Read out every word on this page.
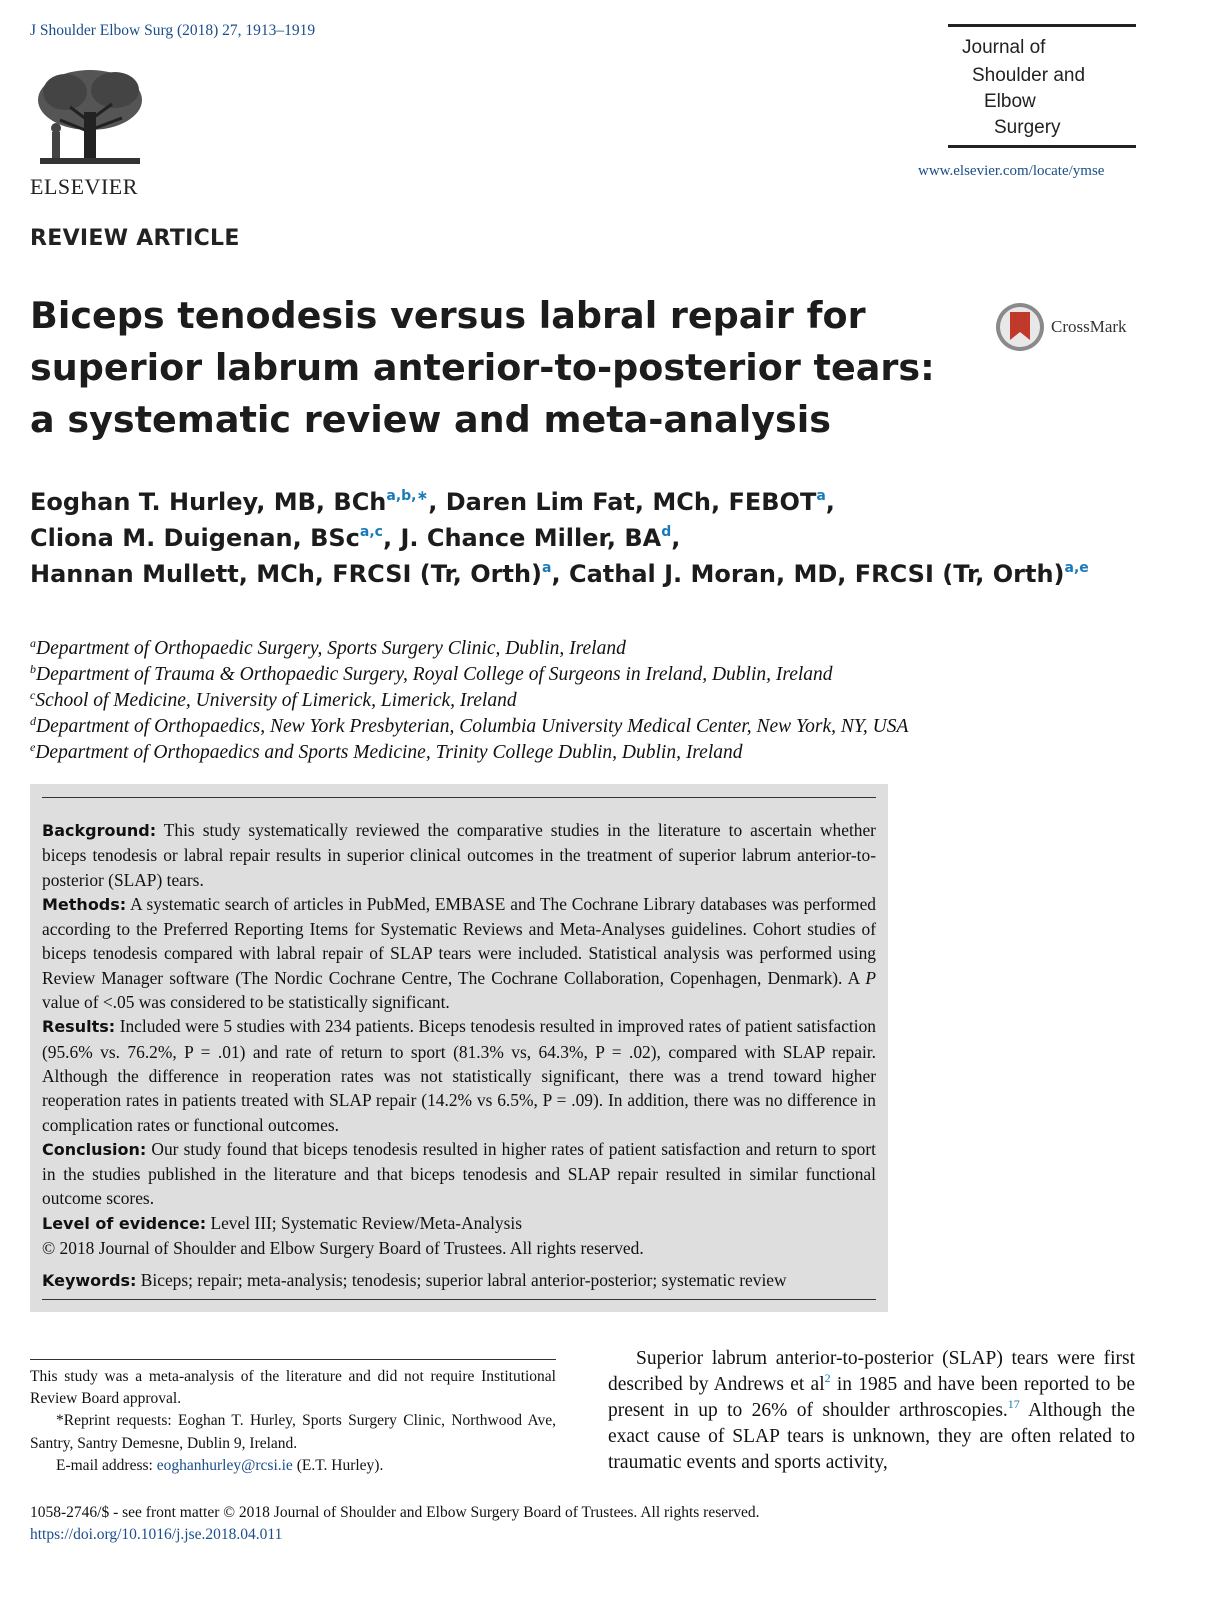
J Shoulder Elbow Surg (2018) 27, 1913–1919
ELSEVIER
Journal of
Shoulder and
Elbow
Surgery
www.elsevier.com/locate/ymse
REVIEW ARTICLE
Biceps tenodesis versus labral repair for superior labrum anterior-to-posterior tears: a systematic review and meta-analysis
CrossMark
Eoghan T. Hurley, MB, BCh$^{a,b,∗}$, Daren Lim Fat, MCh, FEBOT$^a$,
Cliona M. Duigenan, BSc$^{a,c}$, J. Chance Miller, $BA^d$,
Hannan Mullett, MCh, FRCSI (Tr, Orth)$^a$, Cathal J. Moran, MD, FRCSI (Tr, Orth)$^{a,e}$
$^a$Department of Orthopaedic Surgery, Sports Surgery Clinic, Dublin, Ireland
$^b$Department of Trauma & Orthopaedic Surgery, Royal College of Surgeons in Ireland, Dublin, Ireland
$^c$School of Medicine, University of Limerick, Limerick, Ireland
$^d$Department of Orthopaedics, New York Presbyterian, Columbia University Medical Center, New York, NY, USA
$^e$Department of Orthopaedics and Sports Medicine, Trinity College Dublin, Dublin, Ireland

Background: This study systematically reviewed the comparative studies in the literature to ascertain whether biceps tenodesis or labral repair results in superior clinical outcomes in the treatment of superior labrum anterior-to-posterior (SLAP) tears.

Methods: A systematic search of articles in PubMed, EMBASE and The Cochrane Library databases was performed according to the Preferred Reporting Items for Systematic Reviews and Meta-Analyses guidelines. Cohort studies of biceps tenodesis compared with labral repair of SLAP tears were included. Statistical analysis was performed using Review Manager software (The Nordic Cochrane Centre, The Cochrane Collaboration, Copenhagen, Denmark). A P value of <.05 was considered to be statistically significant.

Results: Included were 5 studies with 234 patients. Biceps tenodesis resulted in improved rates of patient satisfaction (95.6% vs. 76.2%, P = .01) and rate of return to sport (81.3% vs, 64.3%, P = .02), compared with SLAP repair. Although the difference in reoperation rates was not statistically significant, there was a trend toward higher reoperation rates in patients treated with SLAP repair (14.2% vs 6.5%, P = .09). In addition, there was no difference in complication rates or functional outcomes.

Conclusion: Our study found that biceps tenodesis resulted in higher rates of patient satisfaction and return to sport in the studies published in the literature and that biceps tenodesis and SLAP repair resulted in similar functional outcome scores.

Level of evidence: Level III; Systematic Review/Meta-Analysis

© 2018 Journal of Shoulder and Elbow Surgery Board of Trustees. All rights reserved.

Keywords: Biceps; repair; meta-analysis; tenodesis; superior labral anterior-posterior; systematic review

This study was a meta-analysis of the literature and did not require Institutional Review Board approval.

*Reprint requests: Eoghan T. Hurley, Sports Surgery Clinic, Northwood Ave, Santry, Santry Demesne, Dublin 9, Ireland.

E-mail address: eoghanhurley@rcsi.ie (E.T. Hurley).

Superior labrum anterior-to-posterior (SLAP) tears were first described by Andrews et $al^2$ in 1985 and have been reported to be present in up to 26% of shoulder arthroscopies.$^{17}$ Although the exact cause of SLAP tears is unknown, they are often related to traumatic events and sports activity,
1058-2746/$ - see front matter © 2018 Journal of Shoulder and Elbow Surgery Board of Trustees. All rights reserved.
https://doi.org/10.1016/j.jse.2018.04.011
